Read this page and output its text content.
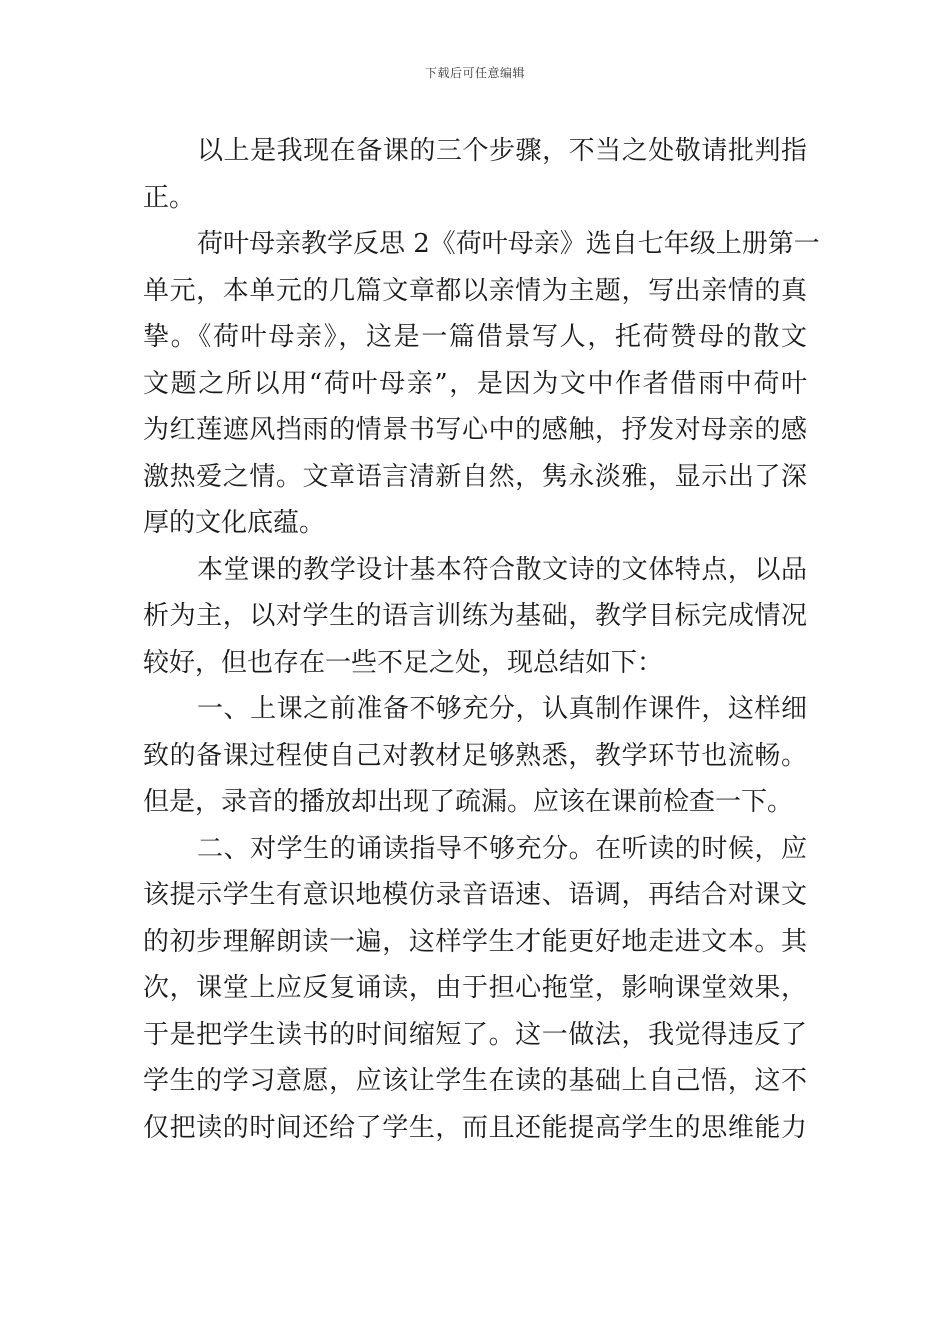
下载后可任意编辑
以上是我现在备课的三个步骤，不当之处敬请批判指
正。
荷叶母亲教学反思 2《荷叶母亲》选自七年级上册第一
单元，本单元的几篇文章都以亲情为主题，写出亲情的真
挚。《荷叶母亲》，这是一篇借景写人，托荷赞母的散文
文题之所以用“荷叶母亲”，是因为文中作者借雨中荷叶
为红莲遮风挡雨的情景书写心中的感触，抒发对母亲的感
激热爱之情。文章语言清新自然，隽永淡雅，显示出了深
厚的文化底蕴。
本堂课的教学设计基本符合散文诗的文体特点，以品
析为主，以对学生的语言训练为基础，教学目标完成情况
较好，但也存在一些不足之处，现总结如下：
一、上课之前准备不够充分，认真制作课件，这样细
致的备课过程使自己对教材足够熟悉，教学环节也流畅。
但是，录音的播放却出现了疏漏。应该在课前检查一下。
二、对学生的诵读指导不够充分。在听读的时候，应
该提示学生有意识地模仿录音语速、语调，再结合对课文
的初步理解朗读一遍，这样学生才能更好地走进文本。其
次，课堂上应反复诵读，由于担心拖堂，影响课堂效果，
于是把学生读书的时间缩短了。这一做法，我觉得违反了
学生的学习意愿，应该让学生在读的基础上自己悟，这不
仅把读的时间还给了学生，而且还能提高学生的思维能力
